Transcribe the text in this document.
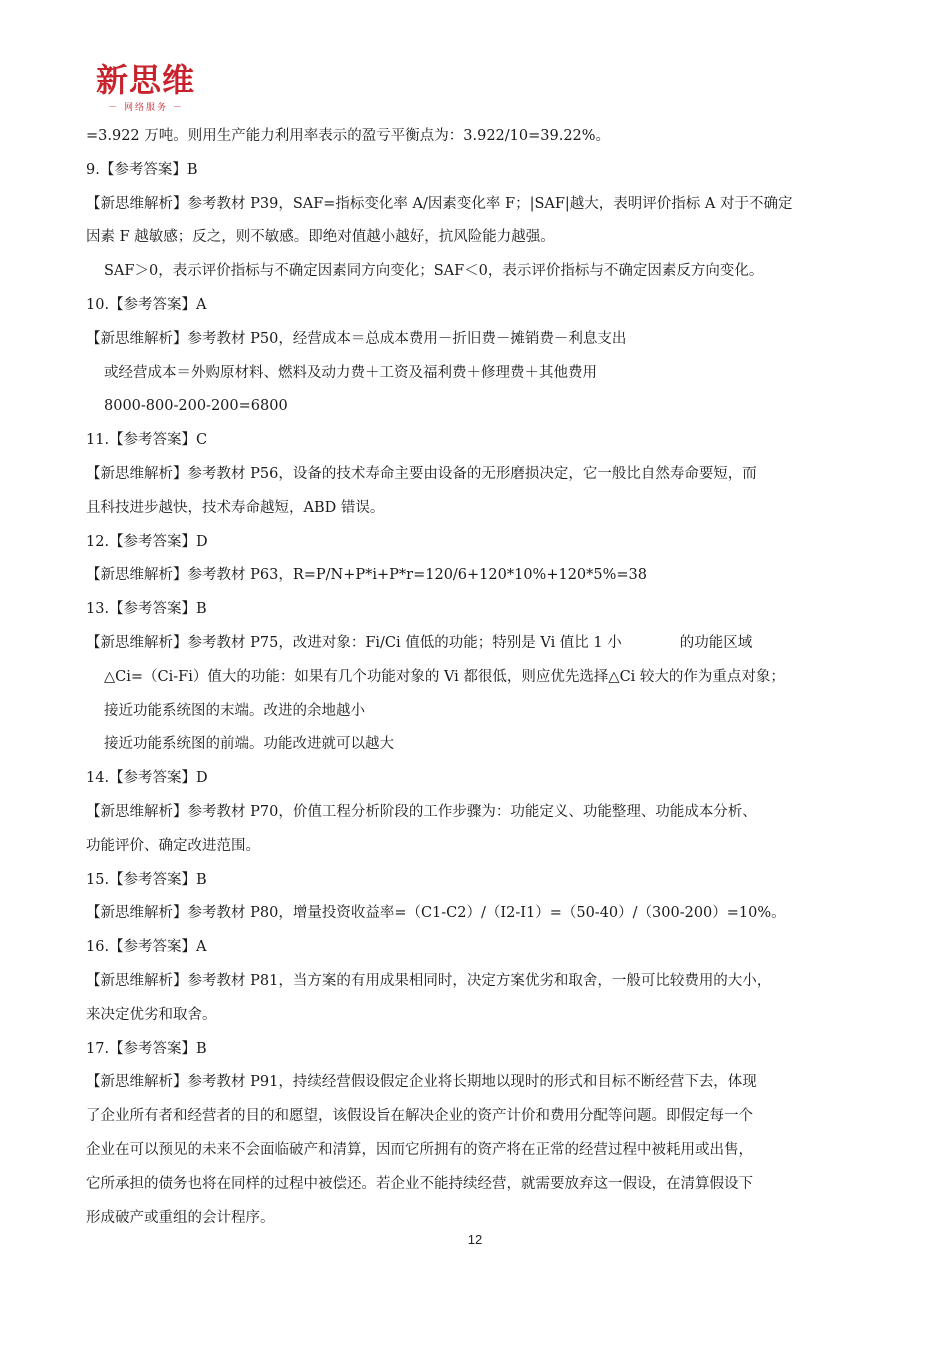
新思维
－ 网络服务 －
=3.922 万吨。则用生产能力利用率表示的盈亏平衡点为：3.922/10=39.22%。
9.【参考答案】B
【新思维解析】参考教材 P39，SAF=指标变化率 A/因素变化率 F；|SAF|越大，表明评价指标 A 对于不确定
因素 F 越敏感；反之，则不敏感。即绝对值越小越好，抗风险能力越强。
SAF＞0，表示评价指标与不确定因素同方向变化；SAF＜0，表示评价指标与不确定因素反方向变化。
10.【参考答案】A
【新思维解析】参考教材 P50，经营成本＝总成本费用－折旧费－摊销费－利息支出
或经营成本＝外购原材料、燃料及动力费＋工资及福利费＋修理费＋其他费用
8000-800-200-200=6800
11.【参考答案】C
【新思维解析】参考教材 P56，设备的技术寿命主要由设备的无形磨损决定，它一般比自然寿命要短，而
且科技进步越快，技术寿命越短，ABD 错误。
12.【参考答案】D
【新思维解析】参考教材 P63，R=P/N+P*i+P*r=120/6+120*10%+120*5%=38
13.【参考答案】B
【新思维解析】参考教材 P75，改进对象：Fi/Ci 值低的功能；特别是 Vi 值比 1 小　　　　的功能区域
△Ci=（Ci-Fi）值大的功能：如果有几个功能对象的 Vi 都很低，则应优先选择△Ci 较大的作为重点对象；
接近功能系统图的末端。改进的余地越小
接近功能系统图的前端。功能改进就可以越大
14.【参考答案】D
【新思维解析】参考教材 P70，价值工程分析阶段的工作步骤为：功能定义、功能整理、功能成本分析、
功能评价、确定改进范围。
15.【参考答案】B
【新思维解析】参考教材 P80，增量投资收益率=（C1-C2）/（I2-I1）=（50-40）/（300-200）=10%。
16.【参考答案】A
【新思维解析】参考教材 P81，当方案的有用成果相同时，决定方案优劣和取舍，一般可比较费用的大小，
来决定优劣和取舍。
17.【参考答案】B
【新思维解析】参考教材 P91，持续经营假设假定企业将长期地以现时的形式和目标不断经营下去，体现
了企业所有者和经营者的目的和愿望，该假设旨在解决企业的资产计价和费用分配等问题。即假定每一个
企业在可以预见的未来不会面临破产和清算，因而它所拥有的资产将在正常的经营过程中被耗用或出售，
它所承担的债务也将在同样的过程中被偿还。若企业不能持续经营，就需要放弃这一假设，在清算假设下
形成破产或重组的会计程序。
12
